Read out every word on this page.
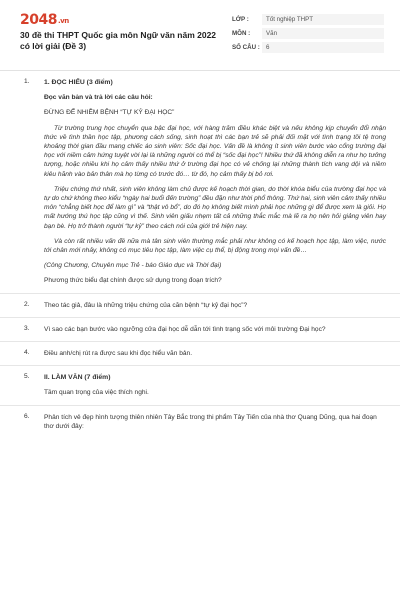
2048.vn
30 đề thi THPT Quốc gia môn Ngữ văn năm 2022 có lời giải (Đề 3)
LỚP :	Tốt nghiệp THPT
MÔN :	Văn
SỐ CÂU : 6
1. 1. ĐỌC HIỂU (3 điểm)
Đọc văn bản và trả lời các câu hỏi:
ĐỪNG ĐỂ NHIỄM BỆNH “TỰ KỶ ĐẠI HỌC”

Từ trường trung học chuyển qua bậc đại học, với hàng trăm điều khác biệt và nếu không kịp chuyển đổi nhận thức về tình thần học tập, phương cách sống, sinh hoạt thì các bạn trẻ sẽ phải đối mặt với tình trạng tồi tệ trong khoảng thời gian đầu mang chiếc áo sinh viên: Sốc đại học. Vấn đề là không ít sinh viên bước vào cổng trường đại học với niềm cảm hứng tuyệt vời lại là những người có thể bị “sốc đại học”! Nhiều thứ đã không diễn ra như họ tưởng tượng, hoặc nhiều khi họ cảm thấy nhiều thứ ở trường đại học có vẻ chống lại những thành tích vang dội và niềm kiêu hãnh vào bản thân mà họ từng có trước đó… từ đó, họ cảm thấy bị bỏ rơi.

Triệu chứng thứ nhất, sinh viên không làm chủ được kế hoạch thời gian, do thời khóa biểu của trường đại học và tự do chứ không theo kiểu “ngày hai buổi đến trường” đều đặn như thời phổ thông. Thứ hai, sinh viên cảm thấy nhiều môn “chẳng biết học để làm gì” và “thật vô bổ”, do đó họ không biết mình phải học những gì để được xem là giỏi. Họ mất hướng thú học tập cũng vì thế. Sinh viên giấu nhẹm tất cả những thắc mắc mà lẽ ra họ nên hỏi giảng viên hay bạn bè. Họ trở thành người “tự kỷ” theo cách nói của giới trẻ hiện nay.

Và còn rất nhiều vấn đề nữa mà tân sinh viên thường mắc phải như không có kế hoạch học tập, làm việc, nước tới chân mới nhảy, không có mục tiêu học tập, làm việc cụ thể, bị động trong mọi vấn đề…

(Công Chương, Chuyên mục Trẻ - báo Giáo dục và Thời đại)

Phương thức biểu đạt chính được sử dụng trong đoạn trích?
2. Theo tác giả, đâu là những triệu chứng của căn bệnh “tự kỷ đại học”?
3. Vì sao các bạn bước vào ngưỡng cửa đại học dễ dẫn tới tình trạng sốc với môi trường Đại học?
4. Điều anh/chị rút ra được sau khi đọc hiểu văn bản.
5. II. LÀM VĂN (7 điểm)
Tầm quan trọng của việc thích nghi.
6. Phân tích vẻ đẹp hình tượng thiên nhiên Tây Bắc trong thi phẩm Tây Tiến của nhà thơ Quang Dũng, qua hai đoạn thơ dưới đây:
